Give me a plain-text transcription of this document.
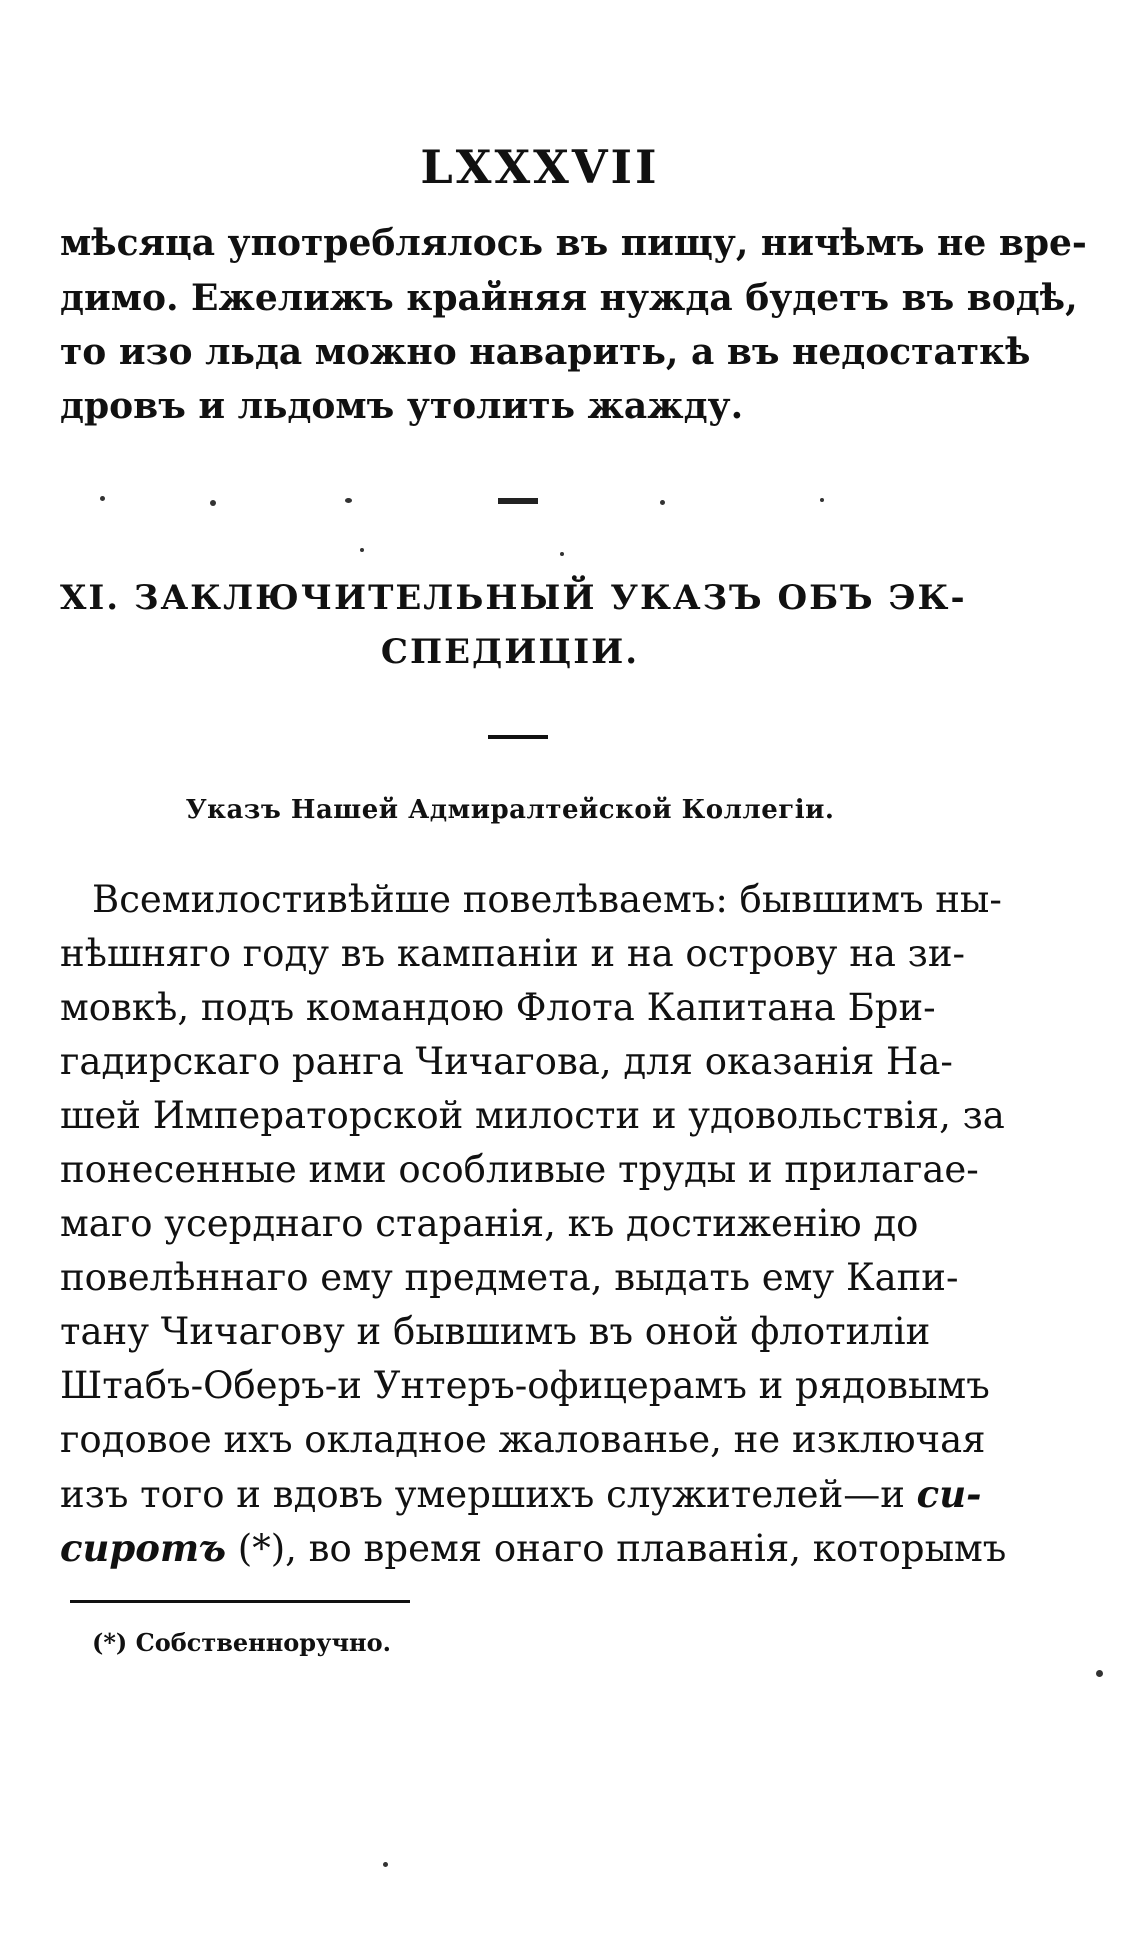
LXXXVII
мѣсяца употреблялось въ пищу, ничѣмъ не вре-
димо. Ежелижъ крайняя нужда будетъ въ водѣ,
то изо льда можно наварить, а въ недостаткѣ
дровъ и льдомъ утолить жажду.
XI. ЗАКЛЮЧИТЕЛЬНЫЙ УКАЗЪ ОБЪ ЭК-
СПЕДИЦІИ.
Указъ Нашей Адмиралтейской Коллегіи.
Всемилостивѣйше повелѣваемъ: бывшимъ ны-
нѣшняго году въ кампаніи и на острову на зи-
мовкѣ, подъ командою Флота Капитана Бри-
гадирскаго ранга Чичагова, для оказанія На-
шей Императорской милости и удовольствія, за
понесенные ими особливые труды и прилагае-
маго усерднаго старанія, къ достиженію до
повелѣннаго ему предмета, выдать ему Капи-
тану Чичагову и бывшимъ въ оной флотиліи
Штабъ-Оберъ-и Унтеръ-офицерамъ и рядовымъ
годовое ихъ окладное жалованье, не изключая
изъ того и вдовъ умершихъ служителей—и си-
сиротъ (*), во время онаго плаванія, которымъ
(*) Собственноручно.
